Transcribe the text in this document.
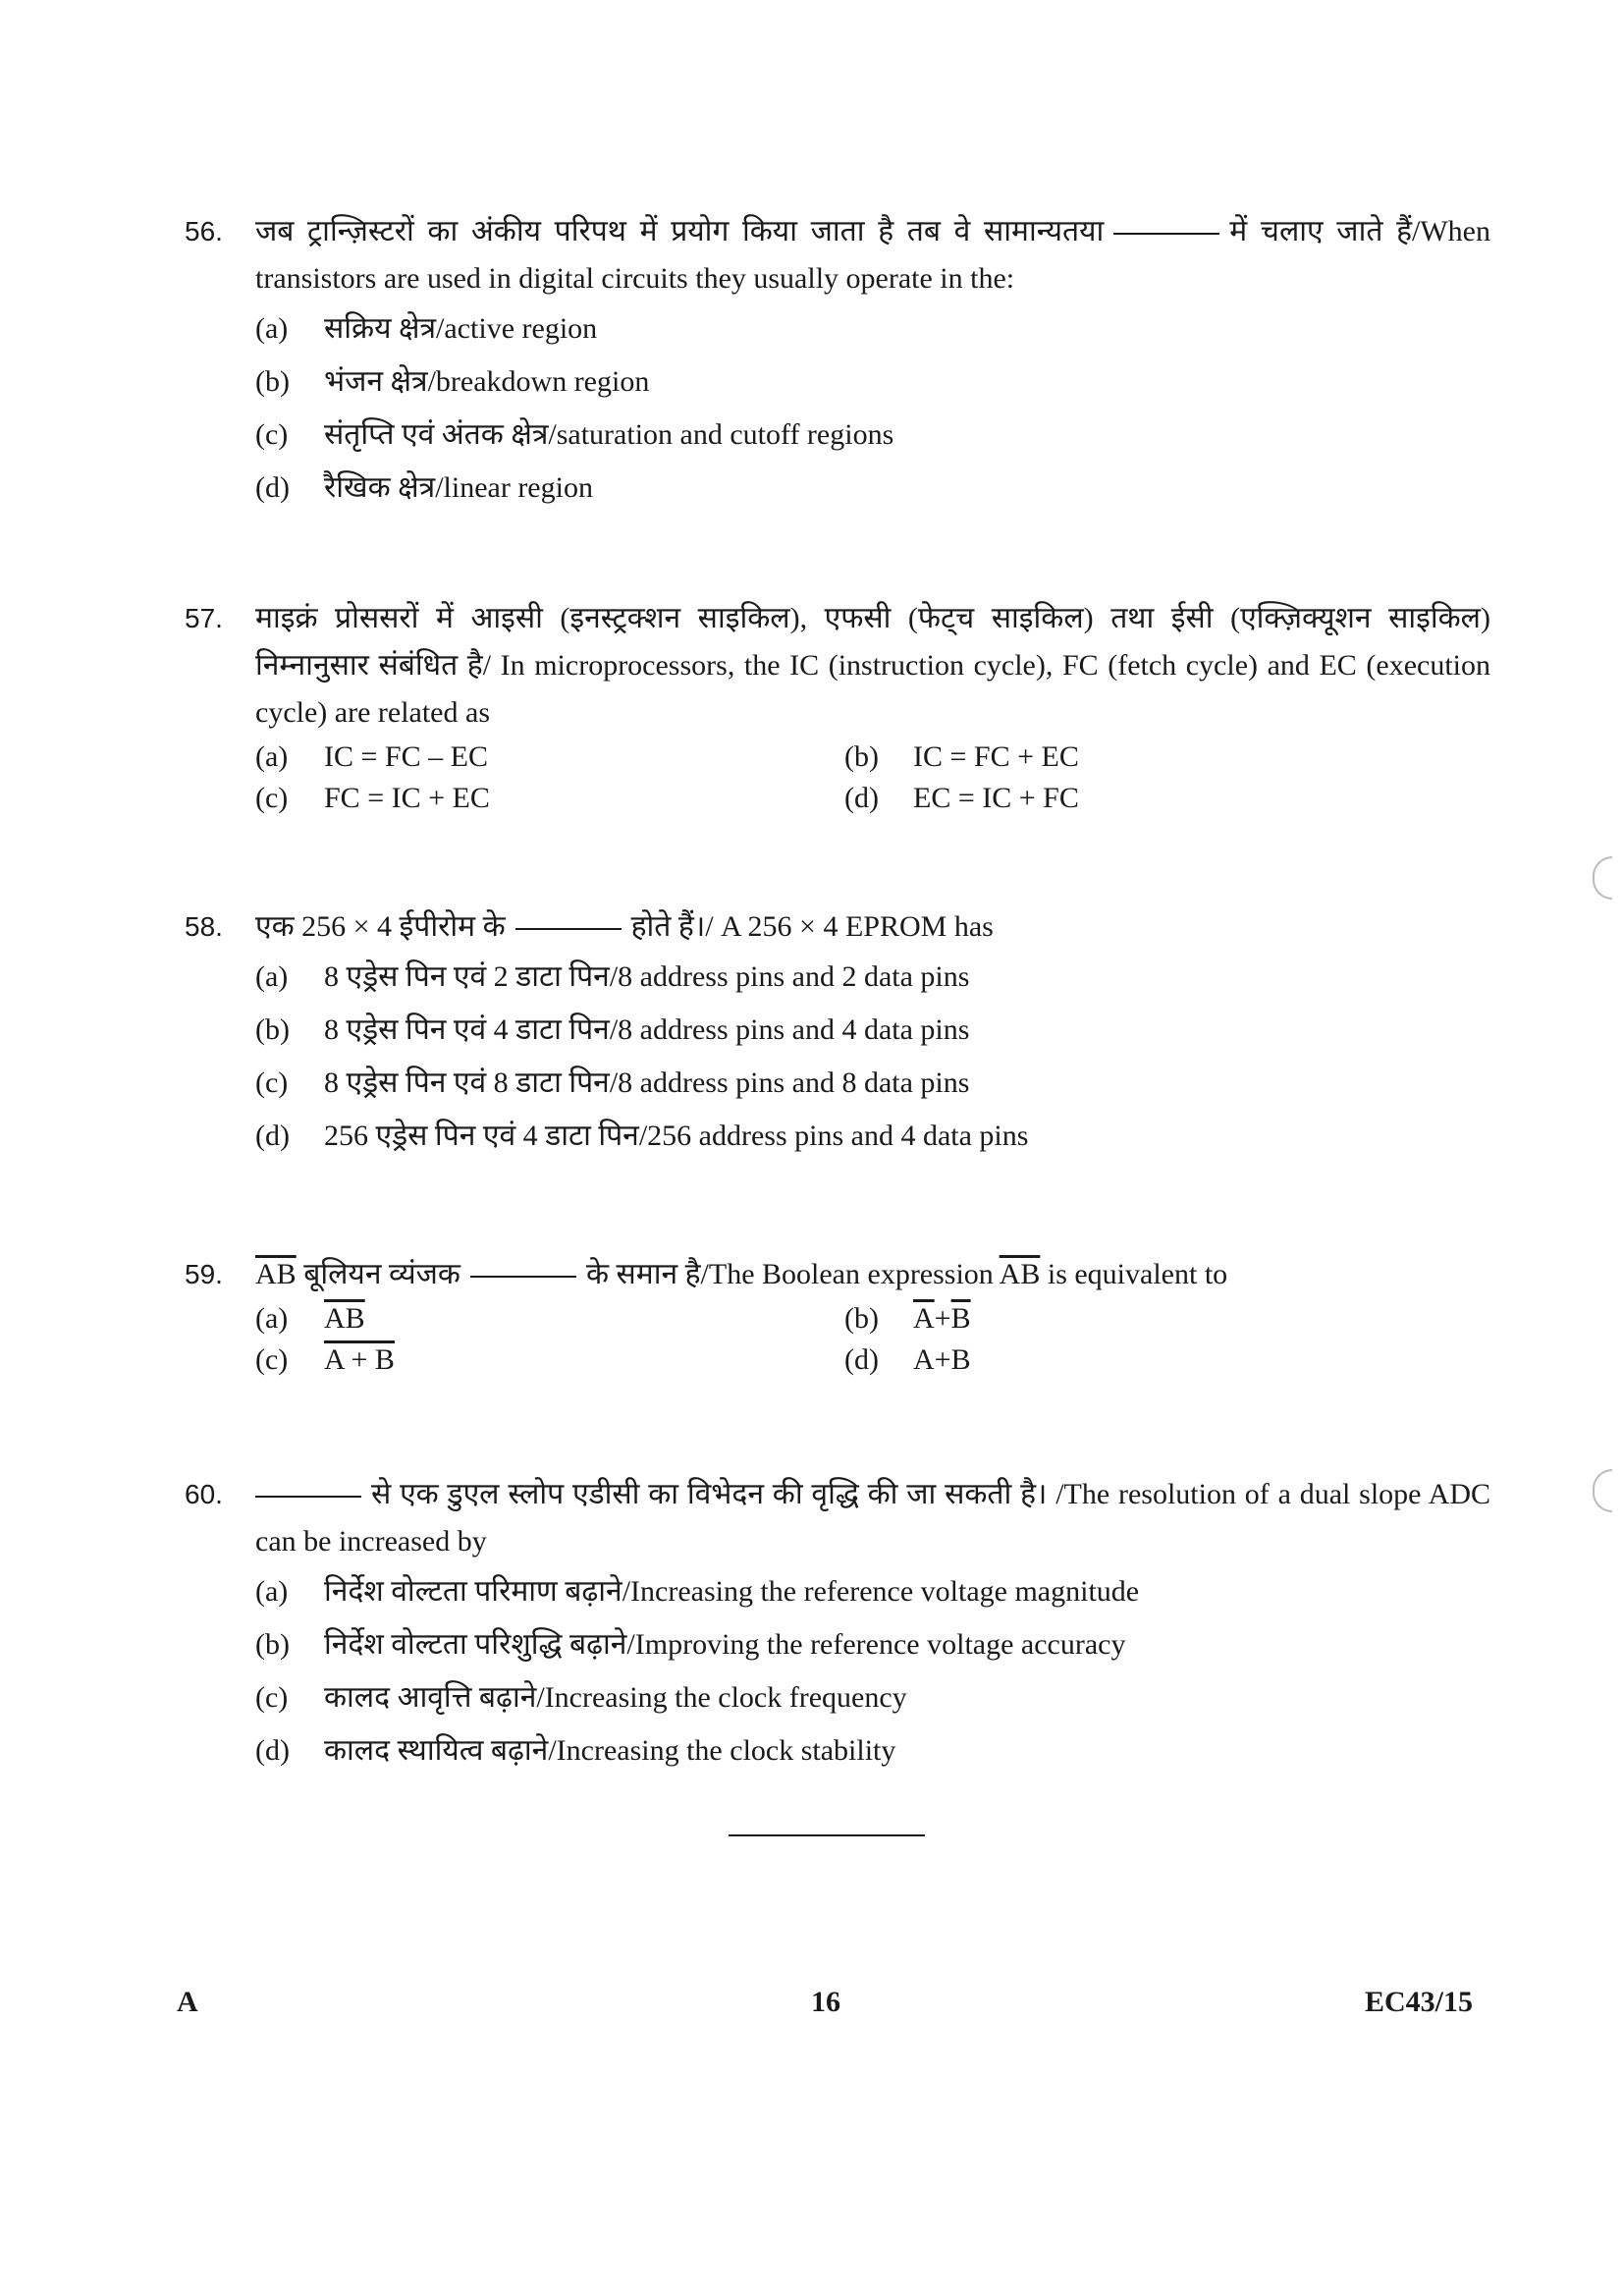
56. जब ट्रान्ज़िस्टरों का अंकीय परिपथ में प्रयोग किया जाता है तब वे सामान्यतया	में चलाए जाते हैं/When transistors are used in digital circuits they usually operate in the:
(a)	सक्रिय क्षेत्र/active region
(b)	भंजन क्षेत्र/breakdown region
(c)	संतृप्ति एवं अंतक क्षेत्र/saturation and cutoff regions
(d)	रैखिक क्षेत्र/linear region
57. माइक्रं प्रोससरों में आइसी (इनस्ट्रक्शन साइकिल), एफसी (फेट्च साइकिल) तथा ईसी (एक्ज़िक्यूशन साइकिल) निम्नानुसार संबंधित है/ In microprocessors, the IC (instruction cycle), FC (fetch cycle) and EC (execution cycle) are related as
(a)	IC = FC – EC	(b)	IC = FC + EC
(c)	FC = IC + EC	(d)	EC = IC + FC
58. एक 256 × 4 ईपीरोम के	होते हैं।/ A 256 × 4 EPROM has
(a)	8 एड्रेस पिन एवं 2 डाटा पिन/8 address pins and 2 data pins
(b)	8 एड्रेस पिन एवं 4 डाटा पिन/8 address pins and 4 data pins
(c)	8 एड्रेस पिन एवं 8 डाटा पिन/8 address pins and 8 data pins
(d)	256 एड्रेस पिन एवं 4 डाटा पिन/256 address pins and 4 data pins
59. $\overline{AB}$ बूलियन व्यंजक	के समान है/The Boolean expression $\overline{AB}$ is equivalent to
(a)	$\overline{AB}$	(b)	$\overline{A}+\overline{B}$
(c)	A + B	(d)	A+B
60.	से एक डुएल स्लोप एडीसी का विभेदन की वृद्धि की जा सकती है। /The resolution of a dual slope ADC can be increased by
(a)	निर्देश वोल्टता परिमाण बढ़ाने/Increasing the reference voltage magnitude
(b)	निर्देश वोल्टता परिशुद्धि बढ़ाने/Improving the reference voltage accuracy
(c)	कालद आवृत्ति बढ़ाने/Increasing the clock frequency
(d)	कालद स्थायित्व बढ़ाने/Increasing the clock stability
A	16	EC43/15
